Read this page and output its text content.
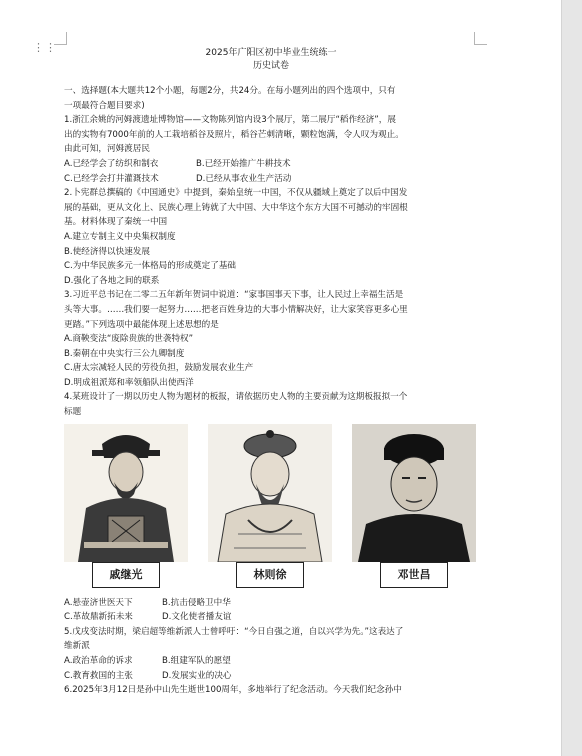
⋮⋮	2025年广阳区初中毕业生统练一
历史试卷
一、选择题(本大题共12个小题，每题2分，共24分。在每小题列出的四个选项中，只有
一项最符合题目要求)
1.浙江余姚的河姆渡遗址博物馆——文物陈列馆内设3个展厅，第二展厅“稻作经济”，展
出的实物有7000年前的人工栽培稻谷及照片，稻谷芒刺清晰，颗粒饱满，令人叹为观止。
由此可知，河姆渡居民
A.已经学会了纺织和制衣	B.已经开始推广牛耕技术
C.已经学会打井灌溉技术	D.已经从事农业生产活动
2.卜宪群总撰稿的《中国通史》中提到，秦始皇统一中国，不仅从疆域上奠定了以后中国发
展的基础，更从文化上、民族心理上铸就了大中国、大中华这个东方大国不可撼动的牢固根
基。材料体现了秦统一中国
A.建立专制主义中央集权制度
B.使经济得以快速发展
C.为中华民族多元一体格局的形成奠定了基础
D.强化了各地之间的联系
3.习近平总书记在二零二五年新年贺词中说道：“家事国事天下事，让人民过上幸福生活是
头等大事。……我们要一起努力……把老百姓身边的大事小情解决好，让大家笑容更多心里
更踏。”下列选项中最能体现上述思想的是
A.商鞅变法“废除贵族的世袭特权”
B.秦朝在中央实行三公九卿制度
C.唐太宗减轻人民的劳役负担，鼓励发展农业生产
D.明成祖派郑和率领船队出使西洋
4.某班设计了一期以历史人物为题材的板报，请依据历史人物的主要贡献为这期板报拟一个
标题
戚继光	林则徐	邓世昌
A.悬壶济世医天下	B.抗击侵略卫中华
C.革故鼎新拓未来	D.文化使者播友谊
5.戊戌变法时期，梁启超等维新派人士曾呼吁：“今日自强之道，自以兴学为先。”这表达了
维新派
A.政治革命的诉求	B.组建军队的愿望
C.教育救国的主张	D.发展实业的决心
6.2025年3月12日是孙中山先生逝世100周年，多地举行了纪念活动。今天我们纪念孙中
